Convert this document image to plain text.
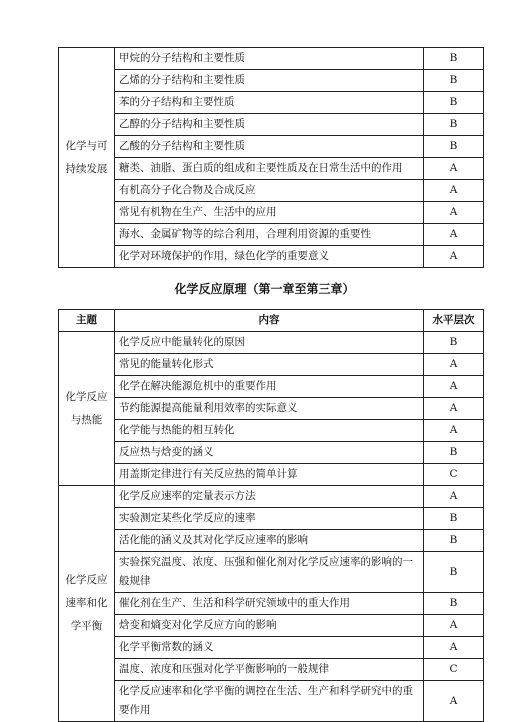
化学与可
持续发展	甲烷的分子结构和主要性质	B
	乙烯的分子结构和主要性质	B
	苯的分子结构和主要性质	B
	乙醇的分子结构和主要性质	B
	乙酸的分子结构和主要性质	B
	糖类、油脂、蛋白质的组成和主要性质及在日常生活中的作用	A
	有机高分子化合物及合成反应	A
	常见有机物在生产、生活中的应用	A
	海水、金属矿物等的综合利用，合理利用资源的重要性	A
	化学对环境保护的作用，绿色化学的重要意义	A
化学反应原理（第一章至第三章）
主题	内容	水平层次

化学反应
与热能	化学反应中能量转化的原因	B
	常见的能量转化形式	A
	化学在解决能源危机中的重要作用	A
	节约能源提高能量利用效率的实际意义	A
	化学能与热能的相互转化	A
	反应热与焓变的涵义	B
	用盖斯定律进行有关反应热的简单计算	C

化学反应
速率和化
学平衡	化学反应速率的定量表示方法	A
	实验测定某些化学反应的速率	B
	活化能的涵义及其对化学反应速率的影响	B
	实验探究温度、浓度、压强和催化剂对化学反应速率的影响的一般规律	B
	催化剂在生产、生活和科学研究领域中的重大作用	B
	焓变和熵变对化学反应方向的影响	A
	化学平衡常数的涵义	A
	温度、浓度和压强对化学平衡影响的一般规律	C
	化学反应速率和化学平衡的调控在生活、生产和科学研究中的重要作用	A
